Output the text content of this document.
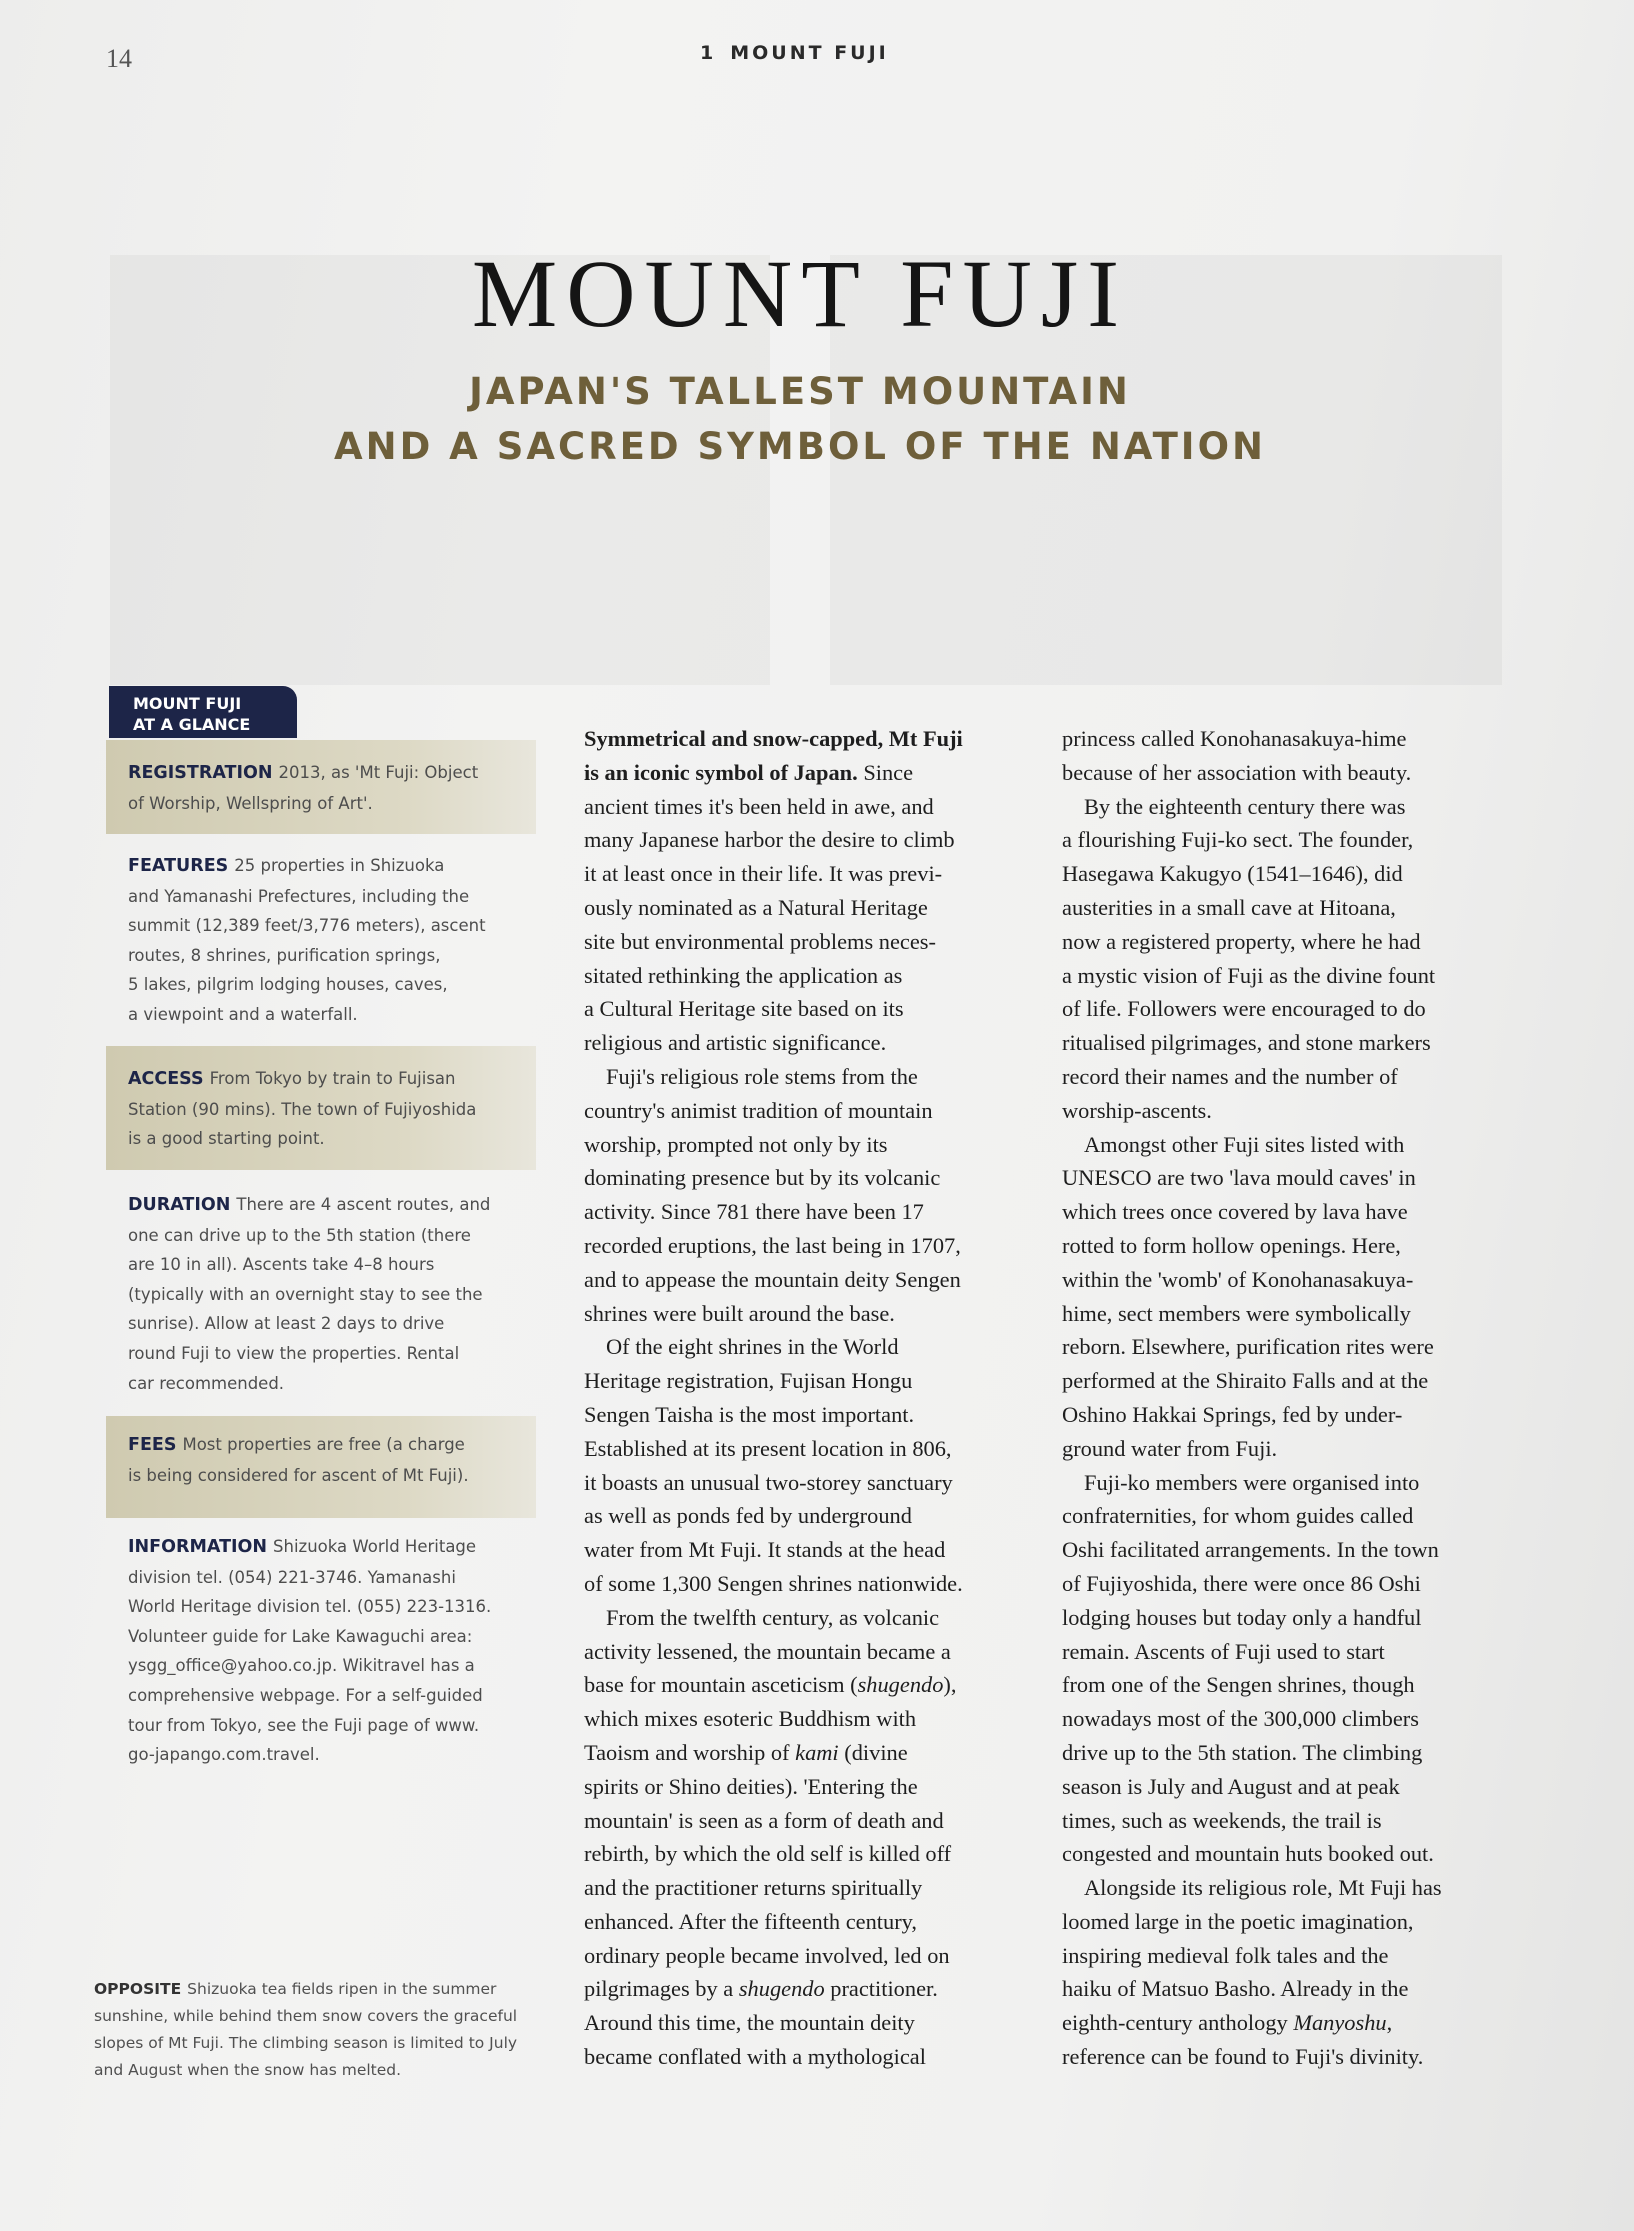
14	1 MOUNT FUJI
MOUNT FUJI
JAPAN'S TALLEST MOUNTAIN
AND A SACRED SYMBOL OF THE NATION
MOUNT FUJI
AT A GLANCE
REGISTRATION 2013, as 'Mt Fuji: Object
of Worship, Wellspring of Art'.
FEATURES 25 properties in Shizuoka
and Yamanashi Prefectures, including the
summit (12,389 feet/3,776 meters), ascent
routes, 8 shrines, purification springs,
5 lakes, pilgrim lodging houses, caves,
a viewpoint and a waterfall.
ACCESS From Tokyo by train to Fujisan
Station (90 mins). The town of Fujiyoshida
is a good starting point.
DURATION There are 4 ascent routes, and
one can drive up to the 5th station (there
are 10 in all). Ascents take 4–8 hours
(typically with an overnight stay to see the
sunrise). Allow at least 2 days to drive
round Fuji to view the properties. Rental
car recommended.
FEES Most properties are free (a charge
is being considered for ascent of Mt Fuji).
INFORMATION Shizuoka World Heritage
division tel. (054) 221-3746. Yamanashi
World Heritage division tel. (055) 223-1316.
Volunteer guide for Lake Kawaguchi area:
ysgg_office@yahoo.co.jp. Wikitravel has a
comprehensive webpage. For a self-guided
tour from Tokyo, see the Fuji page of www.
go-japango.com.travel.
OPPOSITE Shizuoka tea fields ripen in the summer
sunshine, while behind them snow covers the graceful
slopes of Mt Fuji. The climbing season is limited to July
and August when the snow has melted.

Symmetrical and snow-capped, Mt Fuji
is an iconic symbol of Japan. Since
ancient times it's been held in awe, and
many Japanese harbor the desire to climb
it at least once in their life. It was previ-
ously nominated as a Natural Heritage
site but environmental problems neces-
sitated rethinking the application as
a Cultural Heritage site based on its
religious and artistic significance.

Fuji's religious role stems from the
country's animist tradition of mountain
worship, prompted not only by its
dominating presence but by its volcanic
activity. Since 781 there have been 17
recorded eruptions, the last being in 1707,
and to appease the mountain deity Sengen
shrines were built around the base.

Of the eight shrines in the World
Heritage registration, Fujisan Hongu
Sengen Taisha is the most important.
Established at its present location in 806,
it boasts an unusual two-storey sanctuary
as well as ponds fed by underground
water from Mt Fuji. It stands at the head
of some 1,300 Sengen shrines nationwide.

From the twelfth century, as volcanic
activity lessened, the mountain became a
base for mountain asceticism (shugendo),
which mixes esoteric Buddhism with
Taoism and worship of kami (divine
spirits or Shino deities). 'Entering the
mountain' is seen as a form of death and
rebirth, by which the old self is killed off
and the practitioner returns spiritually
enhanced. After the fifteenth century,
ordinary people became involved, led on
pilgrimages by a shugendo practitioner.
Around this time, the mountain deity
became conflated with a mythological

princess called Konohanasakuya-hime
because of her association with beauty.

By the eighteenth century there was
a flourishing Fuji-ko sect. The founder,
Hasegawa Kakugyo (1541–1646), did
austerities in a small cave at Hitoana,
now a registered property, where he had
a mystic vision of Fuji as the divine fount
of life. Followers were encouraged to do
ritualised pilgrimages, and stone markers
record their names and the number of
worship-ascents.

Amongst other Fuji sites listed with
UNESCO are two 'lava mould caves' in
which trees once covered by lava have
rotted to form hollow openings. Here,
within the 'womb' of Konohanasakuya-
hime, sect members were symbolically
reborn. Elsewhere, purification rites were
performed at the Shiraito Falls and at the
Oshino Hakkai Springs, fed by under-
ground water from Fuji.

Fuji-ko members were organised into
confraternities, for whom guides called
Oshi facilitated arrangements. In the town
of Fujiyoshida, there were once 86 Oshi
lodging houses but today only a handful
remain. Ascents of Fuji used to start
from one of the Sengen shrines, though
nowadays most of the 300,000 climbers
drive up to the 5th station. The climbing
season is July and August and at peak
times, such as weekends, the trail is
congested and mountain huts booked out.

Alongside its religious role, Mt Fuji has
loomed large in the poetic imagination,
inspiring medieval folk tales and the
haiku of Matsuo Basho. Already in the
eighth-century anthology Manyoshu,
reference can be found to Fuji's divinity.
